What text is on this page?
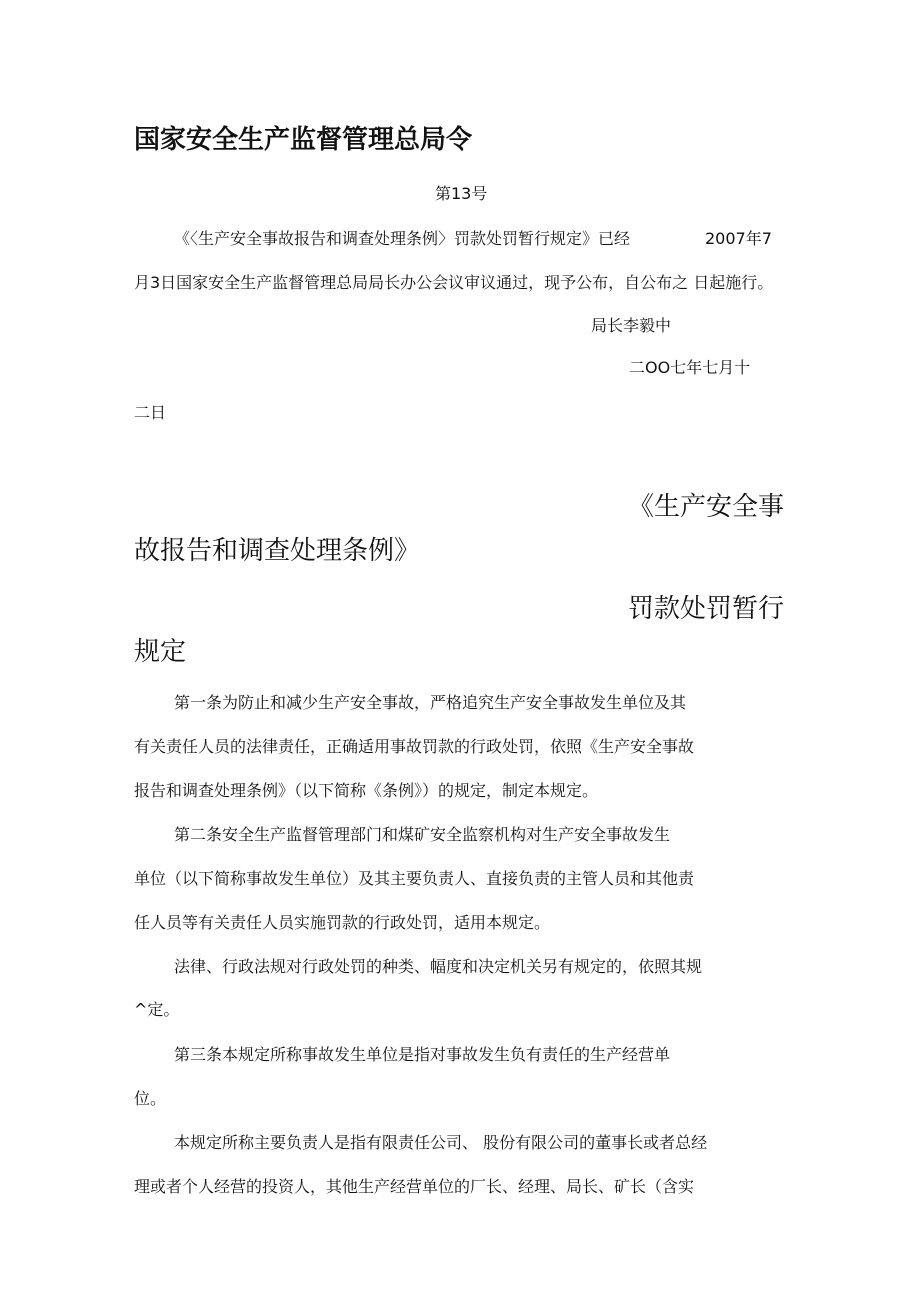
国家安全生产监督管理总局令
第13号
《〈生产安全事故报告和调查处理条例〉罚款处罚暂行规定》已经	2007年7
月3日国家安全生产监督管理总局局长办公会议审议通过，现予公布，自公布之 日起施行。
局长李毅中
二OO七年七月十
二日
《生产安全事
故报告和调查处理条例》
罚款处罚暂行
规定
第一条为防止和减少生产安全事故，严格追究生产安全事故发生单位及其
有关责任人员的法律责任，正确适用事故罚款的行政处罚，依照《生产安全事故
报告和调查处理条例》（以下简称《条例》）的规定，制定本规定。
第二条安全生产监督管理部门和煤矿安全监察机构对生产安全事故发生
单位（以下简称事故发生单位）及其主要负责人、直接负责的主管人员和其他责
任人员等有关责任人员实施罚款的行政处罚，适用本规定。
法律、行政法规对行政处罚的种类、幅度和决定机关另有规定的，依照其规
^定。
第三条本规定所称事故发生单位是指对事故发生负有责任的生产经营单
位。
本规定所称主要负责人是指有限责任公司、 股份有限公司的董事长或者总经
理或者个人经营的投资人，其他生产经营单位的厂长、经理、局长、矿长（含实
